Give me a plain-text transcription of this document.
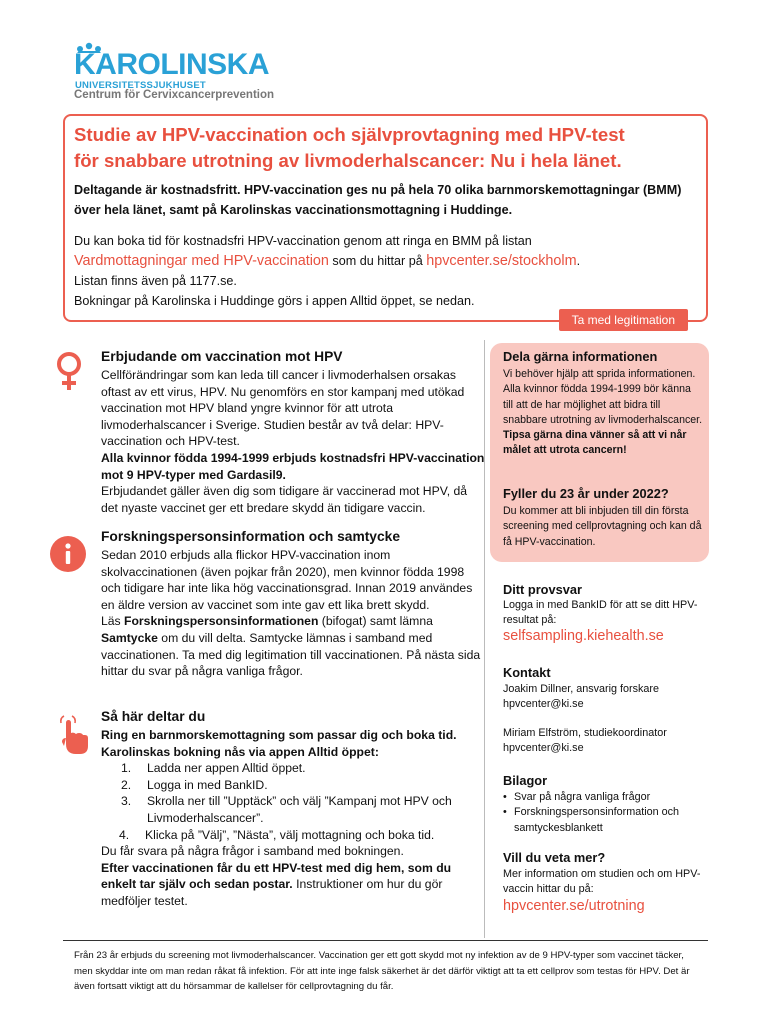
KAROLINSKA
UNIVERSITETSSJUKHUSET
Centrum för Cervixcancerprevention
Studie av HPV-vaccination och självprovtagning med HPV-test
för snabbare utrotning av livmoderhalscancer: Nu i hela länet.

Deltagande är kostnadsfritt. HPV-vaccination ges nu på hela 70 olika barnmorskemottagningar (BMM) över hela länet, samt på Karolinskas vaccinationsmottagning i Huddinge.

Du kan boka tid för kostnadsfri HPV-vaccination genom att ringa en BMM på listan
Vardmottagningar med HPV-vaccination som du hittar på hpvcenter.se/stockholm.
Listan finns även på 1177.se.
Bokningar på Karolinska i Huddinge görs i appen Alltid öppet, se nedan.

Ta med legitimation
Erbjudande om vaccination mot HPV
Cellförändringar som kan leda till cancer i livmoderhalsen orsakas oftast av ett virus, HPV. Nu genomförs en stor kampanj med utökad vaccination mot HPV bland yngre kvinnor för att utrota livmoderhalscancer i Sverige. Studien består av två delar: HPV-vaccination och HPV-test.
Alla kvinnor födda 1994-1999 erbjuds kostnadsfri HPV-vaccination mot 9 HPV-typer med Gardasil9.
Erbjudandet gäller även dig som tidigare är vaccinerad mot HPV, då det nyaste vaccinet ger ett bredare skydd än tidigare vaccin.
Forskningspersonsinformation och samtycke
Sedan 2010 erbjuds alla flickor HPV-vaccination inom skolvaccinationen (även pojkar från 2020), men kvinnor födda 1998 och tidigare har inte lika hög vaccinationsgrad. Innan 2019 användes en äldre version av vaccinet som inte gav ett lika brett skydd.
Läs Forskningspersonsinformationen (bifogat) samt lämna Samtycke om du vill delta. Samtycke lämnas i samband med vaccinationen. Ta med dig legitimation till vaccinationen. På nästa sida hittar du svar på några vanliga frågor.
Så här deltar du
Ring en barnmorskemottagning som passar dig och boka tid. Karolinskas bokning nås via appen Alltid öppet:
1. Ladda ner appen Alltid öppet.
2. Logga in med BankID.
3. Skrolla ner till ”Upptäck” och välj ”Kampanj mot HPV och Livmoderhalscancer”.
4. Klicka på ”Välj”, ”Nästa”, välj mottagning och boka tid.
Du får svara på några frågor i samband med bokningen.
Efter vaccinationen får du ett HPV-test med dig hem, som du enkelt tar själv och sedan postar. Instruktioner om hur du gör medföljer testet.
Dela gärna informationen
Vi behöver hjälp att sprida informationen. Alla kvinnor födda 1994-1999 bör känna till att de har möjlighet att bidra till snabbare utrotning av livmoderhalscancer. Tipsa gärna dina vänner så att vi når målet att utrota cancern!
Fyller du 23 år under 2022?
Du kommer att bli inbjuden till din första screening med cellprovtagning och kan då få HPV-vaccination.
Ditt provsvar
Logga in med BankID för att se ditt HPV-resultat på:
selfsampling.kiehealth.se
Kontakt
Joakim Dillner, ansvarig forskare
hpvcenter@ki.se
Miriam Elfström, studiekoordinator
hpvcenter@ki.se
Bilagor
• Svar på några vanliga frågor
• Forskningspersonsinformation och samtyckesblankett
Vill du veta mer?
Mer information om studien och om HPV-vaccin hittar du på:
hpvcenter.se/utrotning

Från 23 år erbjuds du screening mot livmoderhalscancer. Vaccination ger ett gott skydd mot ny infektion av de 9 HPV-typer som vaccinet täcker, men skyddar inte om man redan råkat få infektion. För att inte inge falsk säkerhet är det därför viktigt att ta ett cellprov som testas för HPV. Det är även fortsatt viktigt att du hörsammar de kallelser för cellprovtagning du får.
